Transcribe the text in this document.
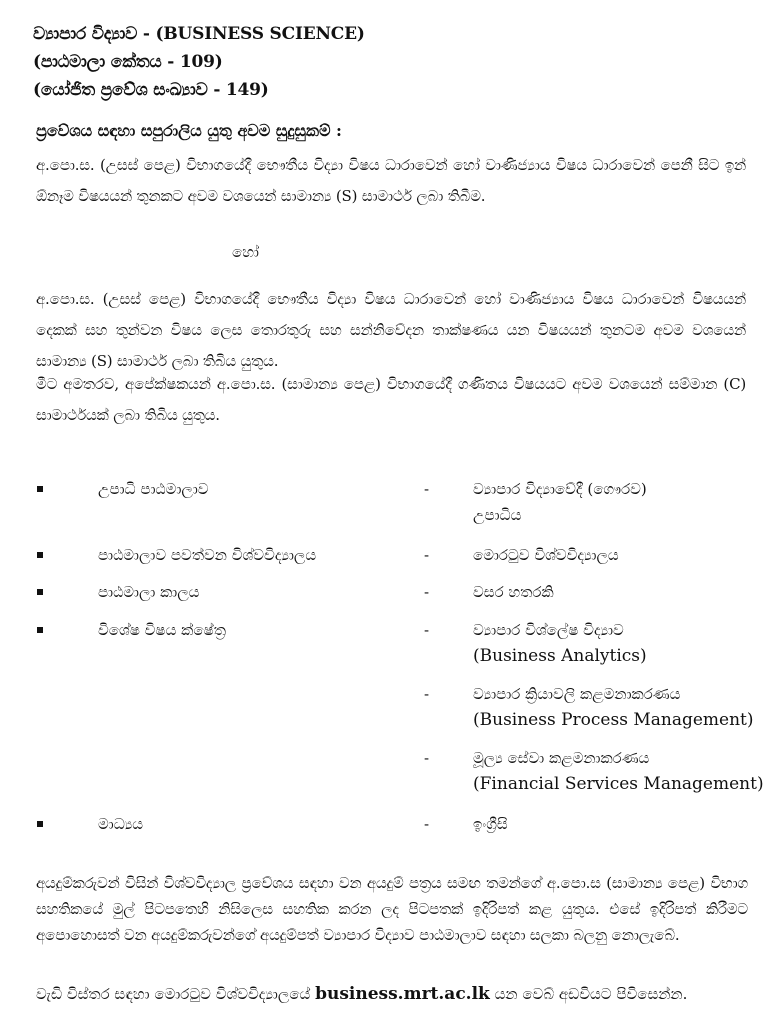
ව්‍යාපාර විද්‍යාව - (BUSINESS SCIENCE)
(පාඨමාලා කේතය - 109)
(යෝජිත ප්‍රවේශ සංඛ්‍යාව - 149)
ප්‍රවේශය සඳහා සපුරාලිය යුතු අවම සුදුසුකම් :
අ.පො.ස. (උසස් පෙළ) විභාගයේදී භෞතීය විද්‍යා විෂය ධාරාවෙන් හෝ වාණිජ්‍යාය විෂය ධාරාවෙන් පෙනී සිට ඉන් ඕනෑම විෂයයන් තුනකට අවම වශයෙන් සාමාන්‍ය (S) සාමාර්ථ ලබා තිබීම.
හෝ
අ.පො.ස. (උසස් පෙළ) විභාගයේදී භෞතීය විද්‍යා විෂය ධාරාවෙන් හෝ වාණිජ්‍යාය විෂය ධාරාවෙන් විෂයයන් දෙකක් සහ තුන්වන විෂය ලෙස තොරතුරු සහ සන්නිවේදන තාක්ෂණය යන විෂයයන් තුනටම අවම වශයෙන් සාමාන්‍ය (S) සාමාර්ථ ලබා තිබිය යුතුය.
මීට අමතරව, අපේක්ෂකයන් අ.පො.ස. (සාමාන්‍ය පෙළ) විභාගයේදී ගණිතය විෂයයට අවම වශයෙන් සම්මාන (C) සාමාර්ථයක් ලබා තිබිය යුතුය.
උපාධි පාඨමාලාව	-	ව්‍යාපාර විද්‍යාවේදී (ගෞරව)
උපාධිය
පාඨමාලාව පවත්වන විශ්වවිද්‍යාලය	-	මොරටුව විශ්වවිද්‍යාලය
පාඨමාලා කාලය	-	වසර හතරකි
විශේෂ විෂය ක්ෂේත්‍ර	-	ව්‍යාපාර විශ්ලේෂ විද්‍යාව
(Business Analytics)
-	ව්‍යාපාර ක්‍රියාවලි කළමනාකරණය
(Business Process Management)
-	මූල්‍ය සේවා කළමනාකරණය
(Financial Services Management)
මාධ්‍යය	-	ඉංග්‍රීසි
අයදුම්කරුවන් විසින් විශ්වවිද්‍යාල ප්‍රවේශය සඳහා වන අයදුම් පත්‍රය සමඟ තමන්ගේ අ.පො.ස (සාමාන්‍ය පෙළ) විභාග සහතිකයේ මුල් පිටපතෙහි නිසිලෙස සහතික කරන ලද පිටපතක් ඉදිරිපත් කළ යුතුය. එසේ ඉදිරිපත් කිරීමට අපොහොසත් වන අයදුම්කරුවන්ගේ අයදුම්පත් ව්‍යාපාර විද්‍යාව පාඨමාලාව සඳහා සලකා බලනු නොලැබේ.
වැඩි විස්තර සඳහා මොරටුව විශ්වවිද්‍යාලයේ business.mrt.ac.lk යන වෙබ් අඩවියට පිවිසෙන්න.
